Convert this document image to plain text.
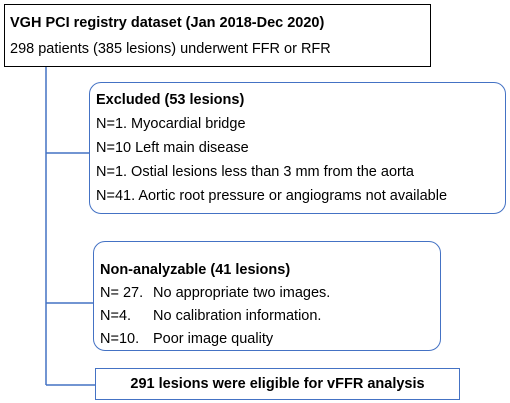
VGH PCI registry dataset (Jan 2018-Dec 2020)
298 patients (385 lesions) underwent FFR or RFR
Excluded (53 lesions)
N=1. Myocardial bridge
N=10 Left main disease
N=1. Ostial lesions less than 3 mm from the aorta
N=41. Aortic root pressure or angiograms not available
Non-analyzable (41 lesions)
N= 27. No appropriate two images.
N=4. No calibration information.
N=10. Poor image quality
291 lesions were eligible for vFFR analysis
